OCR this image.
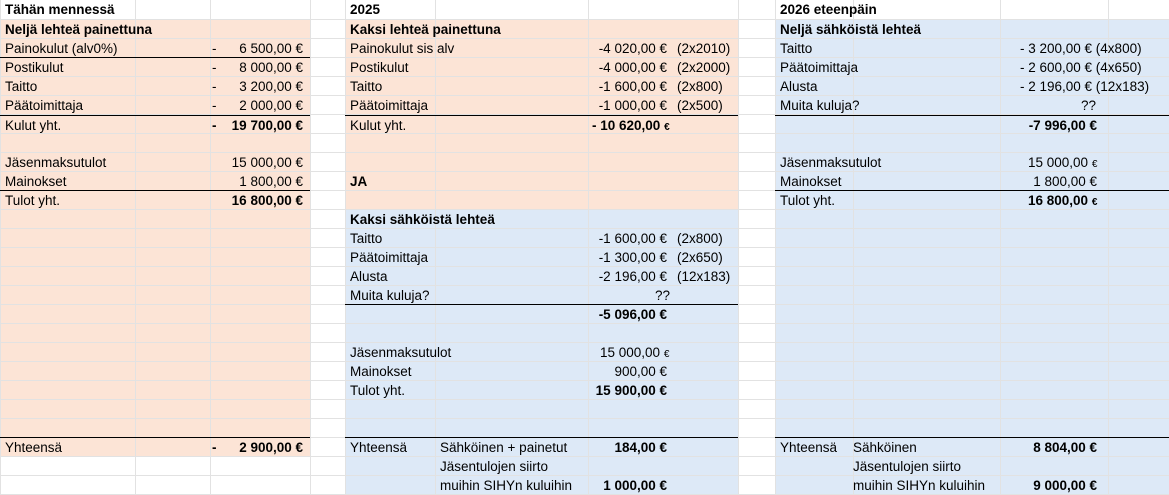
Tähän mennessä	2025	2026 eteenpäin
Neljä lehteä painettuna
Painokulut (alv0%)	-	6 500,00 €
Postikulut	-	8 000,00 €
Taitto	-	3 200,00 €
Päätoimittaja	-	2 000,00 €
Kulut yht.	-	19 700,00 €
Jäsenmaksutulot	15 000,00 €
Mainokset	1 800,00 €
Tulot yht.	16 800,00 €
Yhteensä	-	2 900,00 €
Kaksi lehteä painettuna
Painokulut sis alv	-4 020,00 € (2x2010)
Postikulut	-4 000,00 € (2x2000)
Taitto	-1 600,00 € (2x800)
Päätoimittaja	-1 000,00 € (2x500)
Kulut yht.	- 10 620,00 €
JA
Kaksi sähköistä lehteä
Taitto	-1 600,00 € (2x800)
Päätoimittaja	-1 300,00 € (2x650)
Alusta	-2 196,00 € (12x183)
Muita kuluja?	??
-5 096,00 €
Jäsenmaksutulot	15 000,00 €
Mainokset	900,00 €
Tulot yht.	15 900,00 €
Yhteensä Sähköinen + painetut	184,00 €
Jäsentulojen siirto
muihin SIHYn kuluihin	1 000,00 €
Neljä sähköistä lehteä
Taitto	- 3 200,00 € (4x800)
Päätoimittaja	- 2 600,00 € (4x650)
Alusta	- 2 196,00 € (12x183)
Muita kuluja?	??
-7 996,00 €
Jäsenmaksutulot	15 000,00 €
Mainokset	1 800,00 €
Tulot yht.	16 800,00 €
Yhteensä Sähköinen	8 804,00 €
Jäsentulojen siirto
muihin SIHYn kuluihin	9 000,00 €
